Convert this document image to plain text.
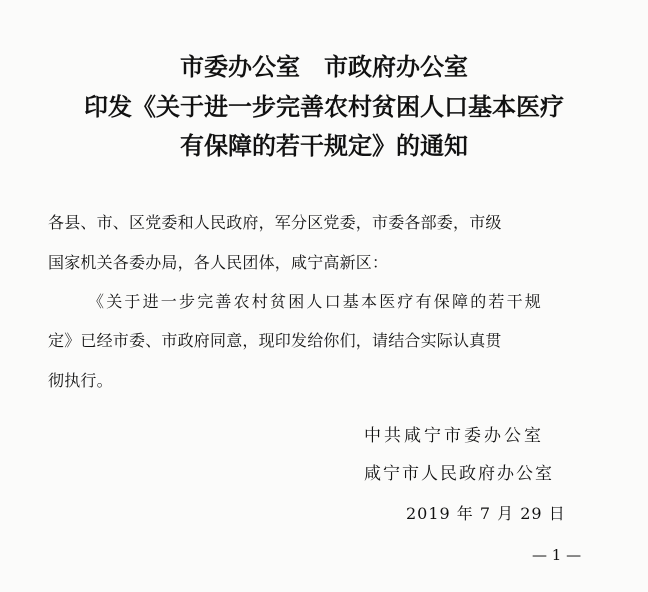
市委办公室　市政府办公室
印发《关于进一步完善农村贫困人口基本医疗
有保障的若干规定》的通知
各县、市、区党委和人民政府，军分区党委，市委各部委，市级
国家机关各委办局，各人民团体，咸宁高新区：
《关于进一步完善农村贫困人口基本医疗有保障的若干规
定》已经市委、市政府同意，现印发给你们，请结合实际认真贯
彻执行。
中共咸宁市委办公室
咸宁市人民政府办公室
2019 年 7 月 29 日
— 1 —
